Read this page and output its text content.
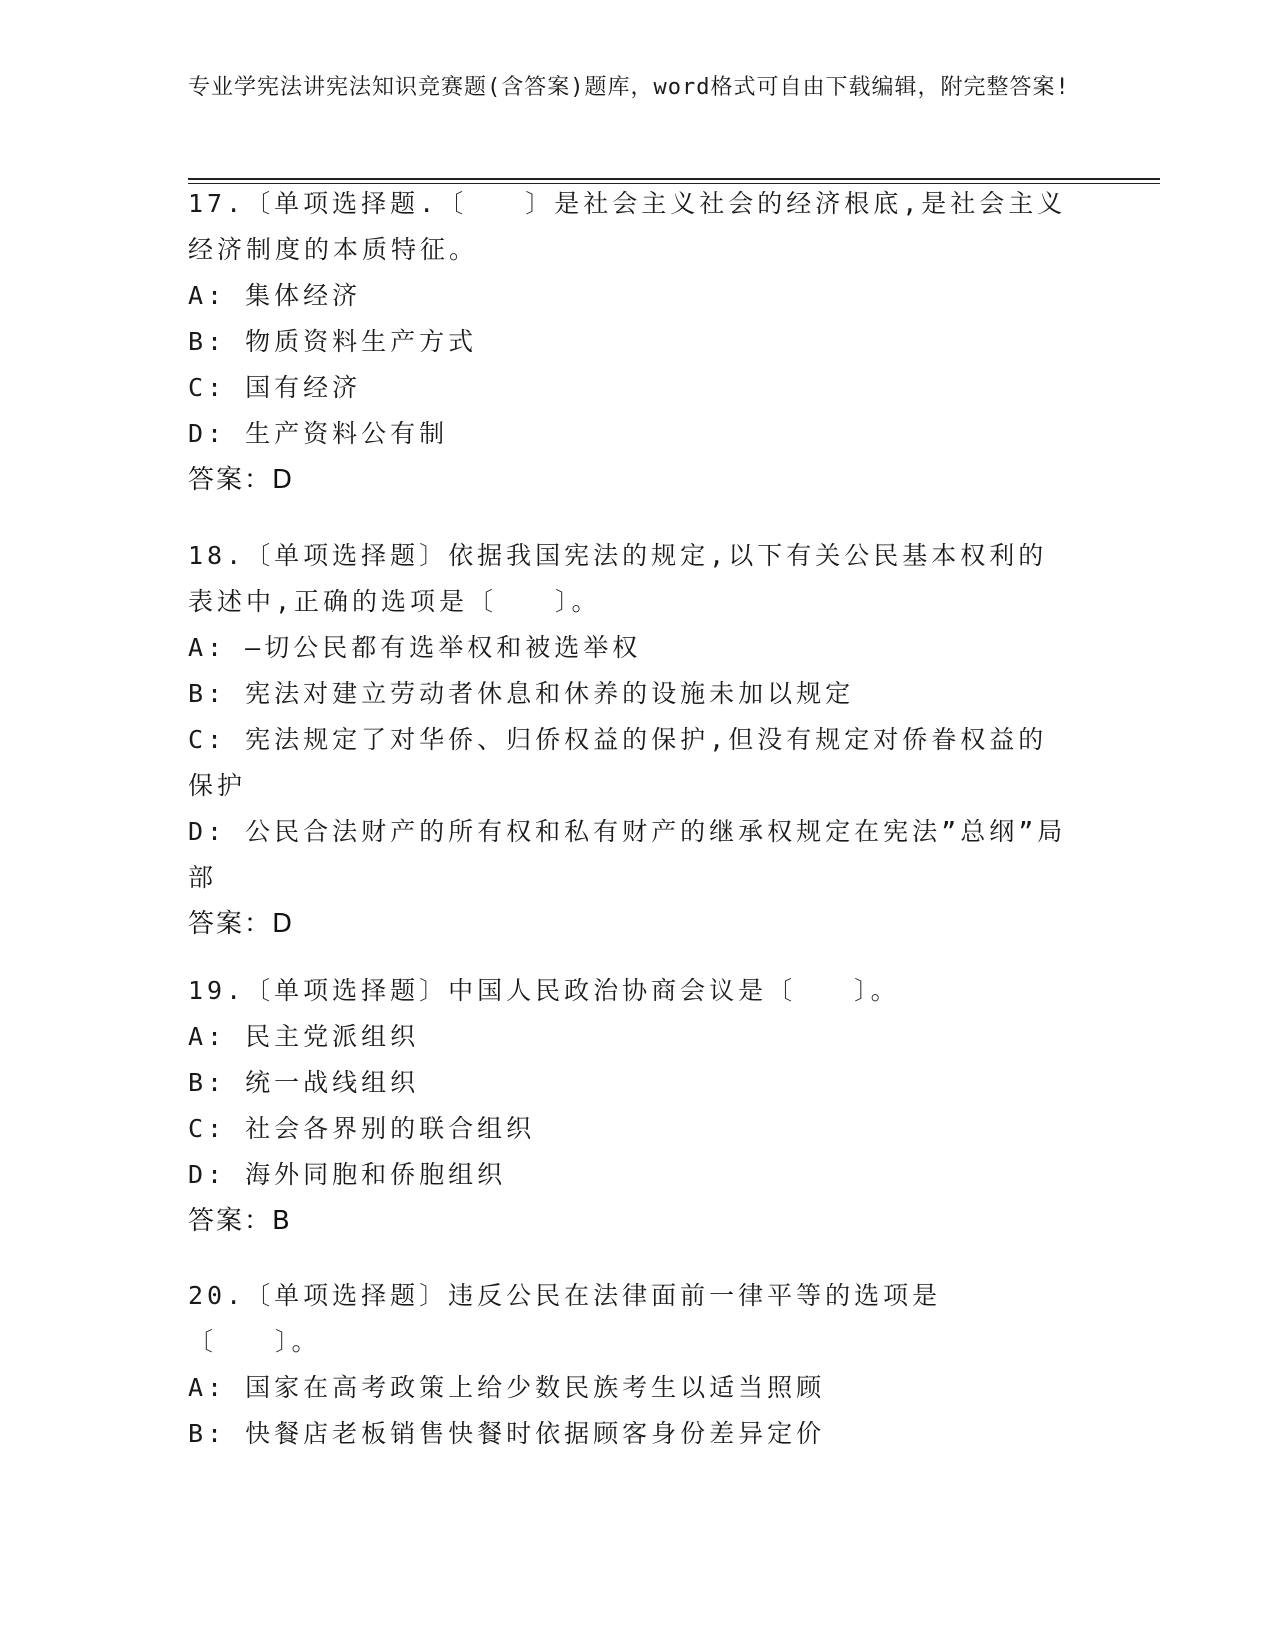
专业学宪法讲宪法知识竞赛题(含答案)题库，word格式可自由下载编辑，附完整答案!
17.〔单项选择题.〔　　〕是社会主义社会的经济根底,是社会主义经济制度的本质特征。
A: 集体经济
B: 物质资料生产方式
C: 国有经济
D: 生产资料公有制
答案：D
18.〔单项选择题〕依据我国宪法的规定,以下有关公民基本权利的表述中,正确的选项是〔　　〕。
A: —切公民都有选举权和被选举权
B: 宪法对建立劳动者休息和休养的设施未加以规定
C: 宪法规定了对华侨、归侨权益的保护,但没有规定对侨眷权益的保护
D: 公民合法财产的所有权和私有财产的继承权规定在宪法”总纲”局部
答案：D
19.〔单项选择题〕中国人民政治协商会议是〔　　〕。
A: 民主党派组织
B: 统一战线组织
C: 社会各界别的联合组织
D: 海外同胞和侨胞组织
答案：B
20.〔单项选择题〕违反公民在法律面前一律平等的选项是〔　　〕。
A: 国家在高考政策上给少数民族考生以适当照顾
B: 快餐店老板销售快餐时依据顾客身份差异定价
